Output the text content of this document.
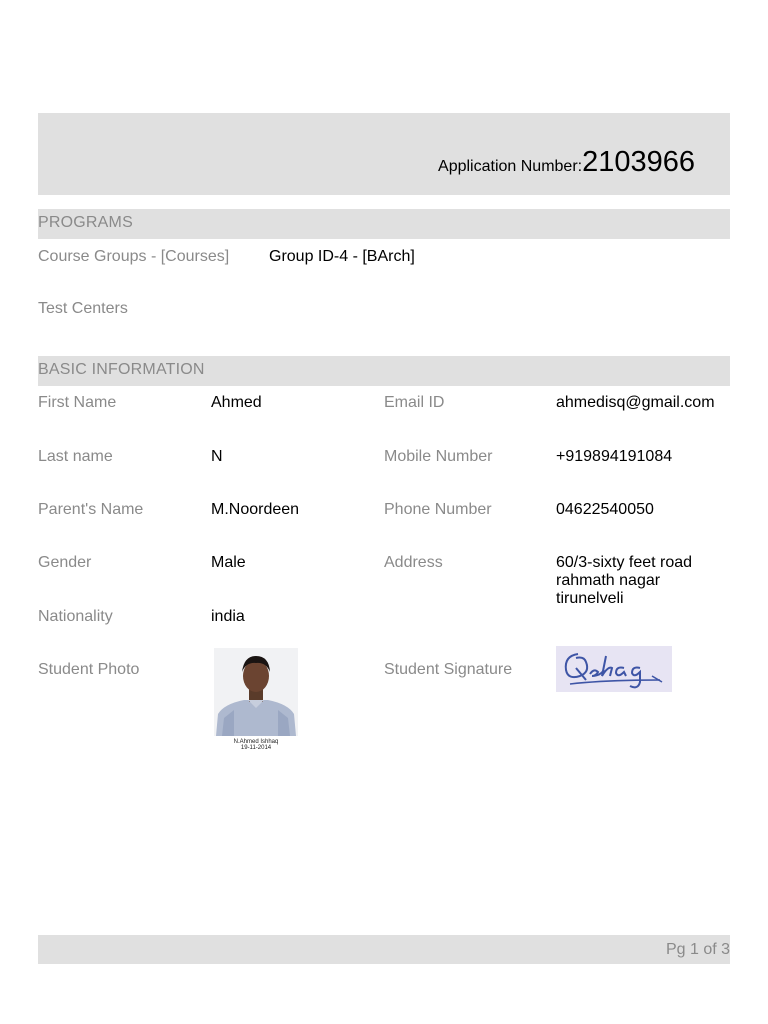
Application Number:2103966
PROGRAMS
Course Groups - [Courses] Group ID-4 - [BArch]
Test Centers
BASIC INFORMATION
First Name	Ahmed
Last name	N
Parent's Name	M.Noordeen
Gender	Male
Nationality	india
Student Photo
N.Ahmed Ishhaq
19-11-2014
Email ID	ahmedisq@gmail.com
Mobile Number	+919894191084
Phone Number	04622540050
Address	60/3-sixty feet road
rahmath nagar
tirunelveli
Student Signature
Pg 1 of 3
